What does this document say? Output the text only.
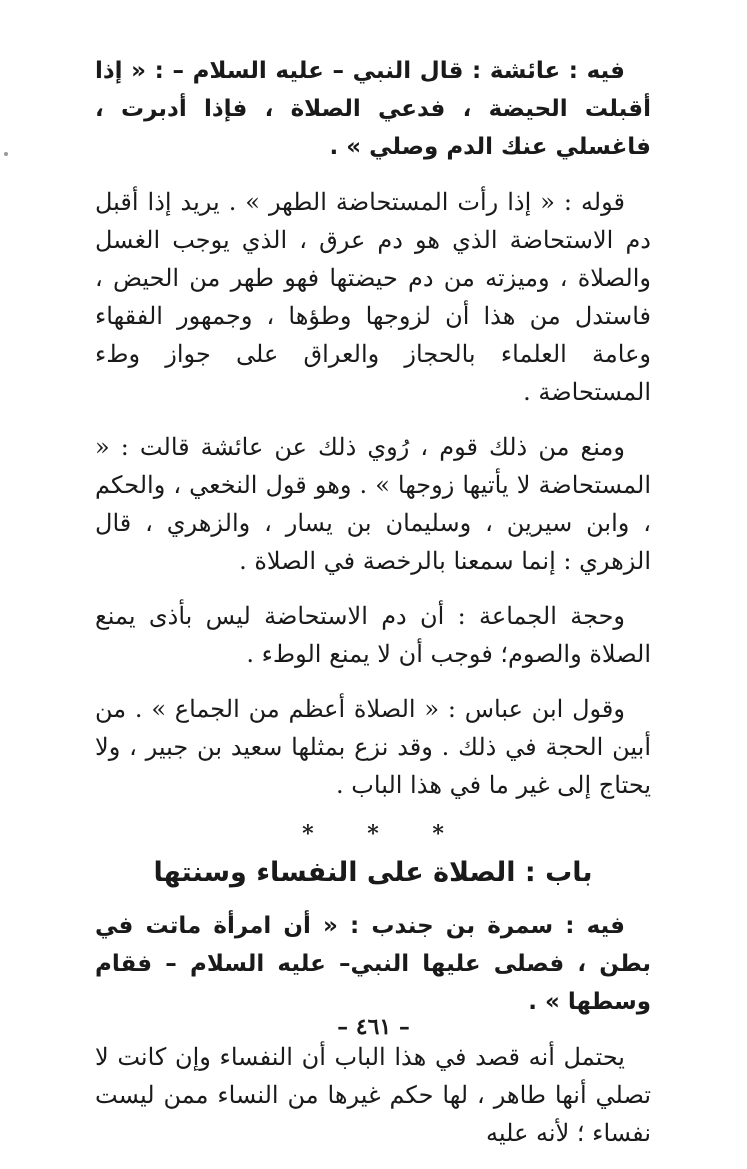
فيه : عائشة : قال النبي – عليه السلام – : « إذا أقبلت الحيضة ، فدعي الصلاة ، فإذا أدبرت ، فاغسلي عنك الدم وصلي » .

قوله : « إذا رأت المستحاضة الطهر » . يريد إذا أقبل دم الاستحاضة الذي هو دم عرق ، الذي يوجب الغسل والصلاة ، وميزته من دم حيضتها فهو طهر من الحيض ، فاستدل من هذا أن لزوجها وطؤها ، وجمهور الفقهاء وعامة العلماء بالحجاز والعراق على جواز وطء المستحاضة .

ومنع من ذلك قوم ، رُوي ذلك عن عائشة قالت : « المستحاضة لا يأتيها زوجها » . وهو قول النخعي ، والحكم ، وابن سيرين ، وسليمان بن يسار ، والزهري ، قال الزهري : إنما سمعنا بالرخصة في الصلاة .

وحجة الجماعة : أن دم الاستحاضة ليس بأذى يمنع الصلاة والصوم؛ فوجب أن لا يمنع الوطء .

وقول ابن عباس : « الصلاة أعظم من الجماع » . من أبين الحجة في ذلك . وقد نزع بمثلها سعيد بن جبير ، ولا يحتاج إلى غير ما في هذا الباب .

* * *
باب : الصلاة على النفساء وسنتها

فيه : سمرة بن جندب : « أن امرأة ماتت في بطن ، فصلى عليها النبي– عليه السلام – فقام وسطها » .

يحتمل أنه قصد في هذا الباب أن النفساء وإن كانت لا تصلي أنها طاهر ، لها حكم غيرها من النساء ممن ليست نفساء ؛ لأنه عليه

– ٤٦١ –
